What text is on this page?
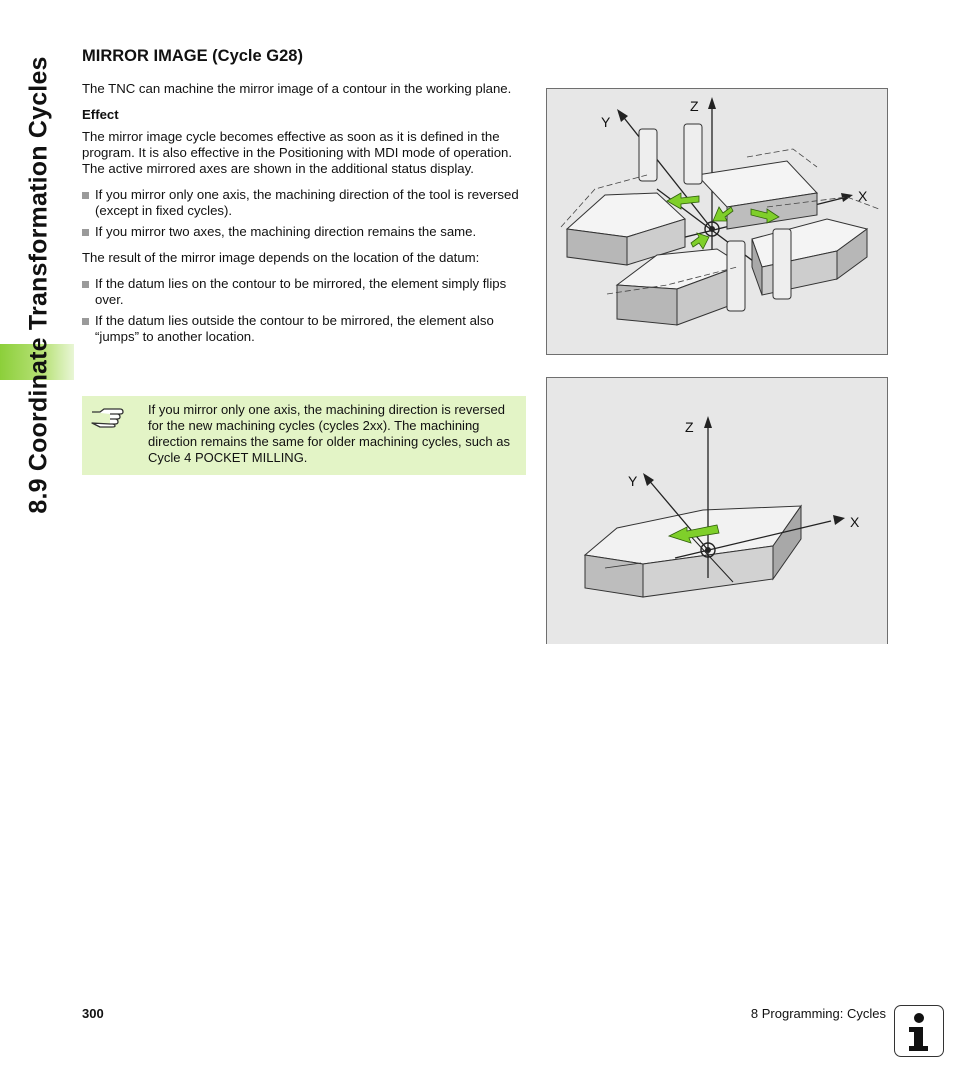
8.9 Coordinate Transformation Cycles
MIRROR IMAGE (Cycle G28)

The TNC can machine the mirror image of a contour in the working plane.

Effect

The mirror image cycle becomes effective as soon as it is defined in the program. It is also effective in the Positioning with MDI mode of operation. The active mirrored axes are shown in the additional status display.

If you mirror only one axis, the machining direction of the tool is reversed (except in fixed cycles).
If you mirror two axes, the machining direction remains the same.

The result of the mirror image depends on the location of the datum:

If the datum lies on the contour to be mirrored, the element simply flips over.
If the datum lies outside the contour to be mirrored, the element also “jumps” to another location.
If you mirror only one axis, the machining direction is reversed for the new machining cycles (cycles 2xx). The machining direction remains the same for older machining cycles, such as Cycle 4 POCKET MILLING.
Z
Y
X
Z
Y
X
300	8 Programming: Cycles
